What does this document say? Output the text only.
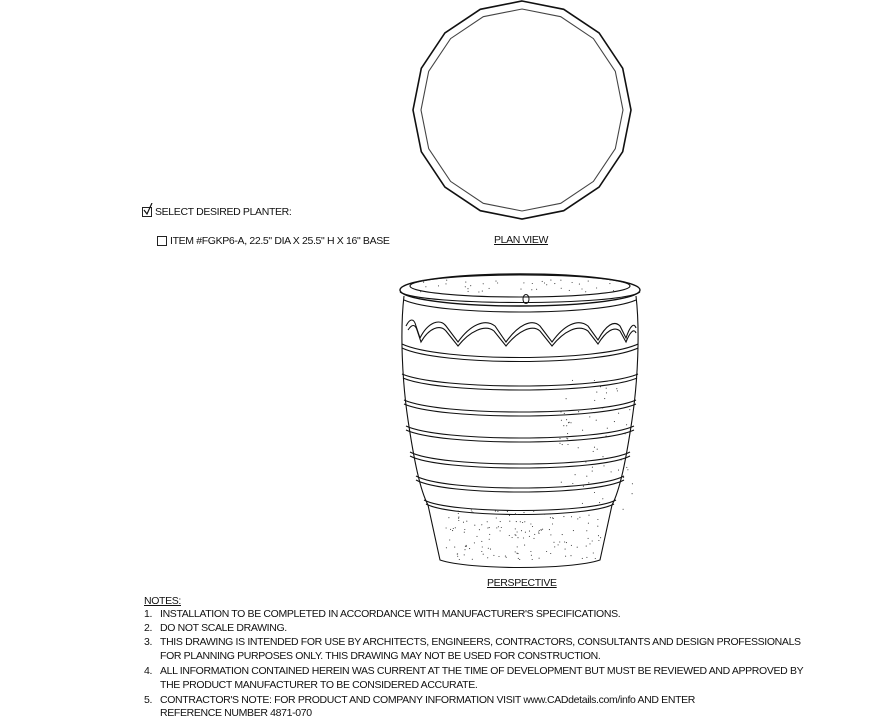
SELECT DESIRED PLANTER:
ITEM #FGKP6-A, 22.5" DIA X 25.5" H X 16" BASE	PLAN VIEW
PERSPECTIVE
NOTES:
1. INSTALLATION TO BE COMPLETED IN ACCORDANCE WITH MANUFACTURER'S SPECIFICATIONS.
2. DO NOT SCALE DRAWING.
3. THIS DRAWING IS INTENDED FOR USE BY ARCHITECTS, ENGINEERS, CONTRACTORS, CONSULTANTS AND DESIGN PROFESSIONALS
FOR PLANNING PURPOSES ONLY. THIS DRAWING MAY NOT BE USED FOR CONSTRUCTION.
4. ALL INFORMATION CONTAINED HEREIN WAS CURRENT AT THE TIME OF DEVELOPMENT BUT MUST BE REVIEWED AND APPROVED BY
THE PRODUCT MANUFACTURER TO BE CONSIDERED ACCURATE.
5. CONTRACTOR'S NOTE: FOR PRODUCT AND COMPANY INFORMATION VISIT www.CADdetails.com/info AND ENTER
REFERENCE NUMBER 4871-070
